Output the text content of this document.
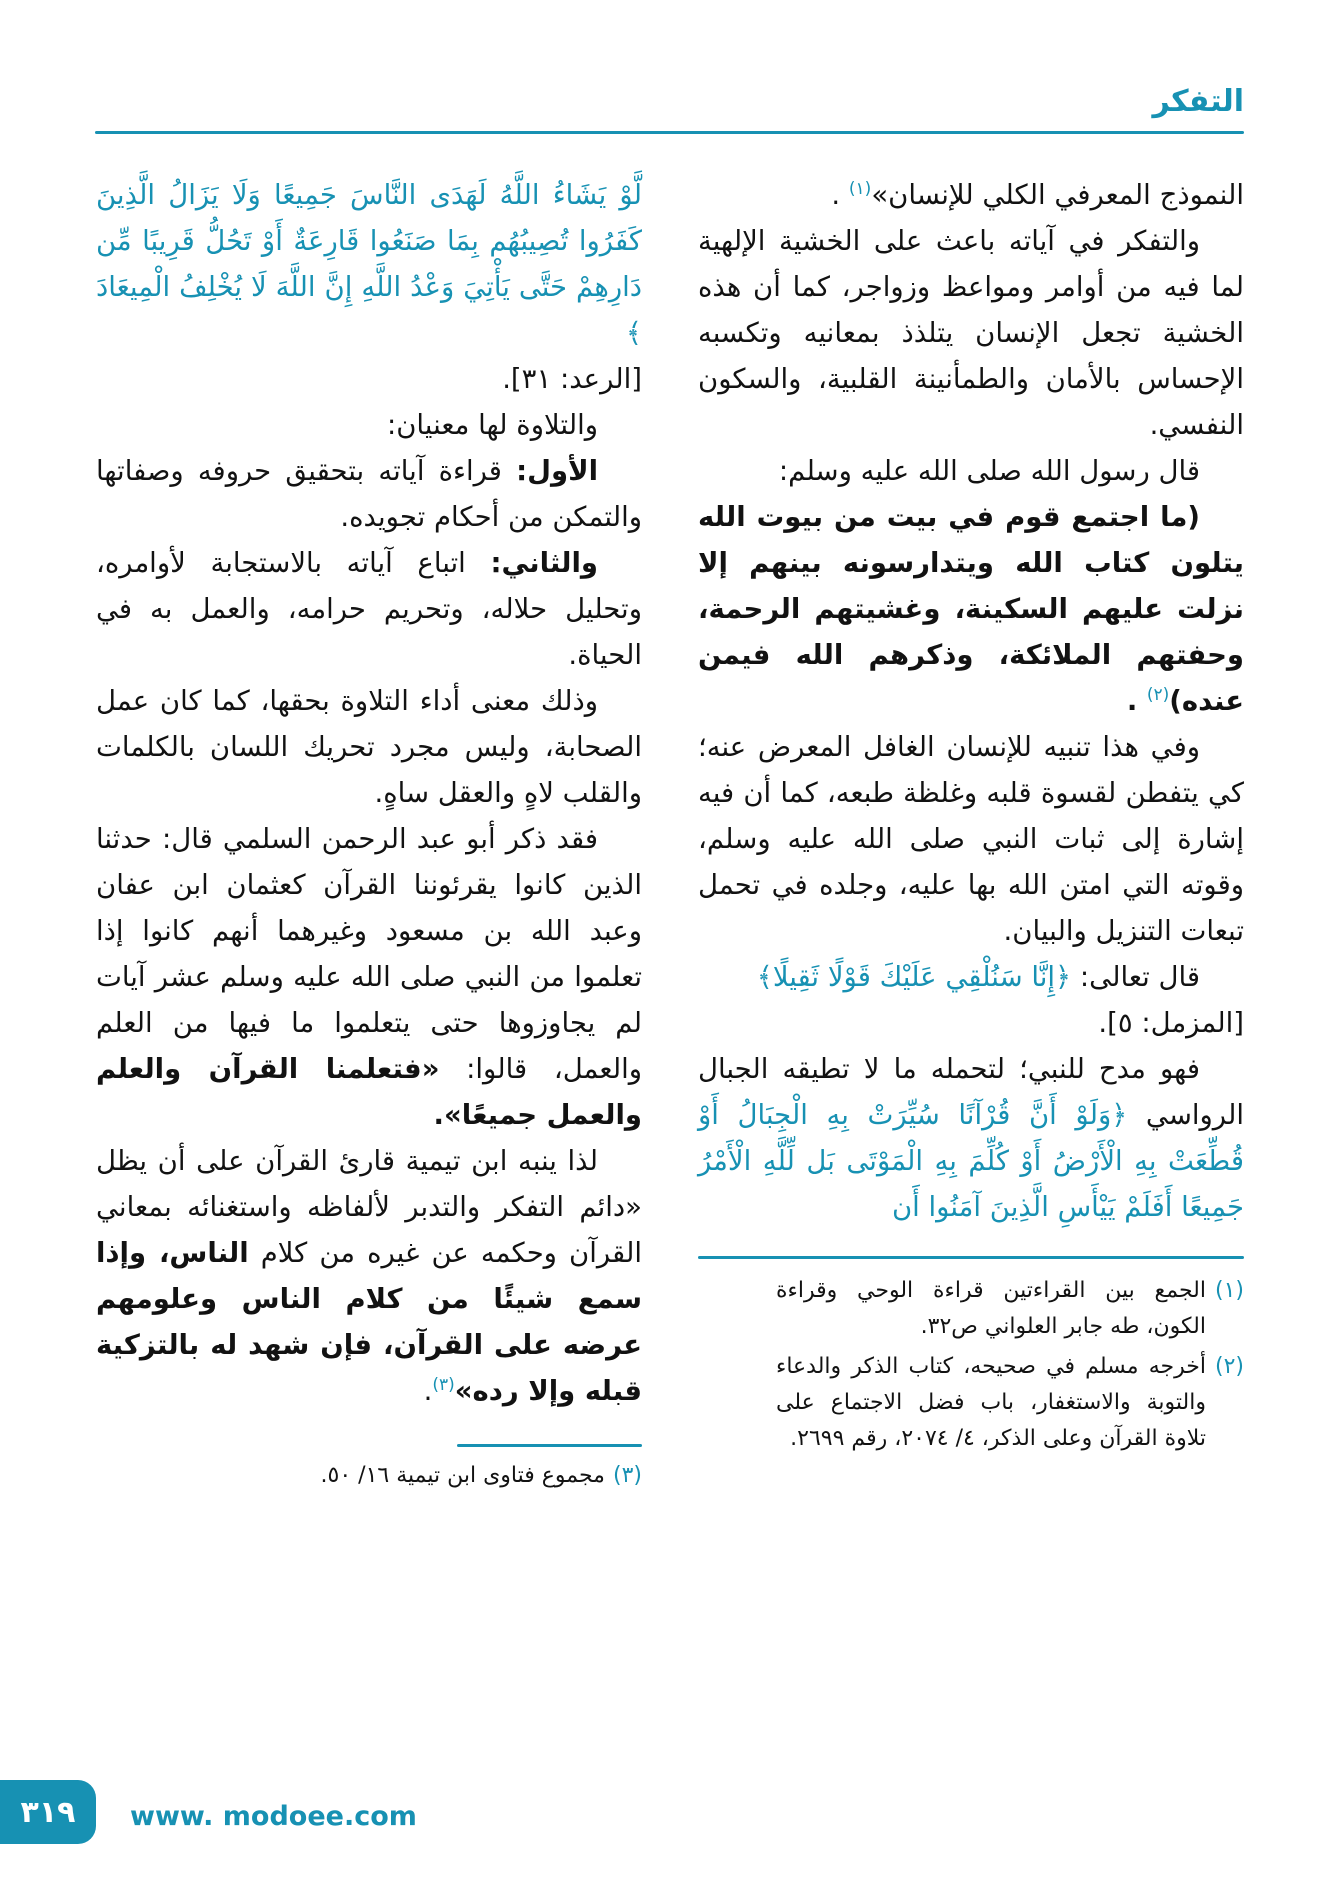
التفكر

النموذج المعرفي الكلي للإنسان»$^{(١)}$ .

والتفكر في آياته باعث على الخشية الإلهية لما فيه من أوامر ومواعظ وزواجر، كما أن هذه الخشية تجعل الإنسان يتلذذ بمعانيه وتكسبه الإحساس بالأمان والطمأنينة القلبية، والسكون النفسي.

قال رسول الله صلى الله عليه وسلم:

(ما اجتمع قوم في بيت من بيوت الله يتلون كتاب الله ويتدارسونه بينهم إلا نزلت عليهم السكينة، وغشيتهم الرحمة، وحفتهم الملائكة، وذكرهم الله فيمن عنده)$^{(٢)}$ .

وفي هذا تنبيه للإنسان الغافل المعرض عنه؛ كي يتفطن لقسوة قلبه وغلظة طبعه، كما أن فيه إشارة إلى ثبات النبي صلى الله عليه وسلم، وقوته التي امتن الله بها عليه، وجلده في تحمل تبعات التنزيل والبيان.

قال تعالى: ﴿إِنَّا سَنُلْقِي عَلَيْكَ قَوْلًا ثَقِيلًا﴾

[المزمل: ٥].

فهو مدح للنبي؛ لتحمله ما لا تطيقه الجبال الرواسي ﴿وَلَوْ أَنَّ قُرْآنًا سُيِّرَتْ بِهِ الْجِبَالُ أَوْ قُطِّعَتْ بِهِ الْأَرْضُ أَوْ كُلِّمَ بِهِ الْمَوْتَى بَل لِّلَّهِ الْأَمْرُ جَمِيعًا أَفَلَمْ يَيْأَسِ الَّذِينَ آمَنُوا أَن

(١)
الجمع بين القراءتين قراءة الوحي وقراءة الكون، طه جابر العلواني ص٣٢.

(٢)
أخرجه مسلم في صحيحه، كتاب الذكر والدعاء والتوبة والاستغفار، باب فضل الاجتماع على تلاوة القرآن وعلى الذكر، ٤/ ٢٠٧٤، رقم ٢٦٩٩.

لَّوْ يَشَاءُ اللَّهُ لَهَدَى النَّاسَ جَمِيعًا وَلَا يَزَالُ الَّذِينَ كَفَرُوا تُصِيبُهُم بِمَا صَنَعُوا قَارِعَةٌ أَوْ تَحُلُّ قَرِيبًا مِّن دَارِهِمْ حَتَّى يَأْتِيَ وَعْدُ اللَّهِ إِنَّ اللَّهَ لَا يُخْلِفُ الْمِيعَادَ ﴾

[الرعد: ٣١].

والتلاوة لها معنيان:

الأول: قراءة آياته بتحقيق حروفه وصفاتها والتمكن من أحكام تجويده.

والثاني: اتباع آياته بالاستجابة لأوامره، وتحليل حلاله، وتحريم حرامه، والعمل به في الحياة.

وذلك معنى أداء التلاوة بحقها، كما كان عمل الصحابة، وليس مجرد تحريك اللسان بالكلمات والقلب لاهٍ والعقل ساهٍ.

فقد ذكر أبو عبد الرحمن السلمي قال: حدثنا الذين كانوا يقرئوننا القرآن كعثمان ابن عفان وعبد الله بن مسعود وغيرهما أنهم كانوا إذا تعلموا من النبي صلى الله عليه وسلم عشر آيات لم يجاوزوها حتى يتعلموا ما فيها من العلم والعمل، قالوا: «فتعلمنا القرآن والعلم والعمل جميعًا».

لذا ينبه ابن تيمية قارئ القرآن على أن يظل «دائم التفكر والتدبر لألفاظه واستغنائه بمعاني القرآن وحكمه عن غيره من كلام الناس، وإذا سمع شيئًا من كلام الناس وعلومهم عرضه على القرآن، فإن شهد له بالتزكية قبله وإلا رده»$^{(٣)}$.

(٣)مجموع فتاوى ابن تيمية ١٦/ ٥٠.

٣١٩ www. modoee.com
